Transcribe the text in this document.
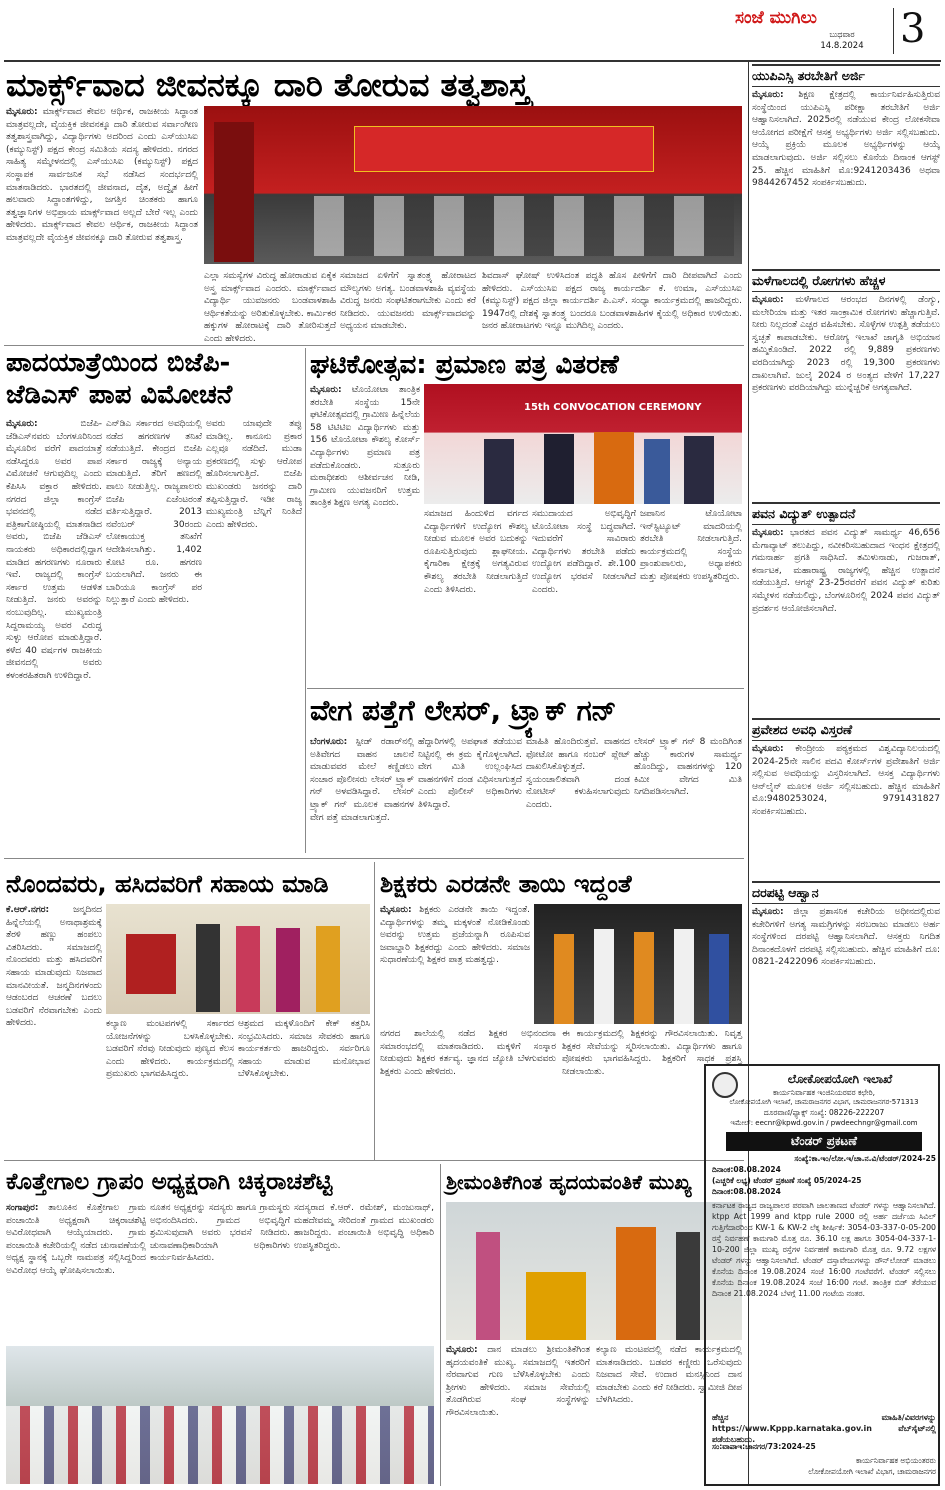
ಸಂಜೆ ಮುಗಿಲು
ಬುಧವಾರ
14.8.2024 3
ಮಾರ್ಕ್ಸ್‌ವಾದ ಜೀವನಕ್ಕೂ ದಾರಿ ತೋರುವ ತತ್ವಶಾಸ್ತ್ರ
ಮೈಸೂರು: ಮಾರ್ಕ್ಸ್‌ವಾದ ಕೇವಲ ಆರ್ಥಿಕ, ರಾಜಕೀಯ ಸಿದ್ಧಾಂತ ಮಾತ್ರವಲ್ಲದೇ, ವೈಯಕ್ತಿಕ ಜೀವನಕ್ಕೂ ದಾರಿ ತೋರುವ ಸರ್ವಾಂಗೀಣ ತತ್ವಶಾಸ್ತ್ರವಾಗಿದ್ದು, ವಿದ್ಯಾರ್ಥಿಗಳು ಅದರಿಂದ ಎಂದು ಎಸ್‌ಯುಸಿಐ (ಕಮ್ಯುನಿಸ್ಟ್) ಪಕ್ಷದ ಕೇಂದ್ರ ಸಮಿತಿಯ ಸದಸ್ಯ ಹೇಳಿದರು. ನಗರದ ಸಾಹಿತ್ಯ ಸಮ್ಮೇಳನದಲ್ಲಿ ಎಸ್‌ಯುಸಿಐ (ಕಮ್ಯುನಿಸ್ಟ್) ಪಕ್ಷದ ಸಂಸ್ಥಾಪಕ ಸಾರ್ವಜನಿಕ ಸಭೆ ನಡೆಸಿದ ಸಂದರ್ಭದಲ್ಲಿ ಮಾತನಾಡಿದರು. ಭಾರತದಲ್ಲಿ ಜೀವನಾದ, ದೈತ, ಅದ್ವೈತ ಹೀಗೆ ಹಲವಾರು ಸಿದ್ಧಾಂತಗಳಿದ್ದು, ಜಗತ್ತಿನ ಚಿಂತಕರು ಹಾಗೂ ತತ್ವಜ್ಞಾನಿಗಳ ಅಭಿಪ್ರಾಯ ಮಾರ್ಕ್ಸ್‌ವಾದ ಅಲ್ಲದೆ ಬೇರೆ ಇಲ್ಲ ಎಂದು ಹೇಳಿದರು. ಮಾರ್ಕ್ಸ್‌ವಾದ ಕೇವಲ ಆರ್ಥಿಕ, ರಾಜಕೀಯ ಸಿದ್ಧಾಂತ ಮಾತ್ರವಲ್ಲದೇ ವೈಯಕ್ತಿಕ ಜೀವನಕ್ಕೂ ದಾರಿ ತೋರುವ ತತ್ವಶಾಸ್ತ್ರ.
ಎಲ್ಲಾ ಸಮಸ್ಯೆಗಳ ವಿರುದ್ಧ ಹೋರಾಡುವ ಏಕೈಕ ಅಸ್ತ್ರ ಮಾರ್ಕ್ಸ್‌ವಾದ ಎಂದರು. ಮಾರ್ಕ್ಸ್‌ವಾದ ವಿದ್ಯಾರ್ಥಿ ಯುವಜನರು ಬಂಡವಾಳಶಾಹಿ ಆರ್ಥಿಕತೆಯನ್ನು ಅರಿತುಕೊಳ್ಳಬೇಕು. ಕಾರ್ಮಿಕರ ಹಕ್ಕುಗಳ ಹೋರಾಟಕ್ಕೆ ದಾರಿ ತೋರಿಸುತ್ತದೆ ಎಂದು ಹೇಳಿದರು.
ಸಮಾಜದ ಏಳಿಗೆಗೆ ಸ್ವಾತಂತ್ರ್ಯ ಹೋರಾಟದ ಮೌಲ್ಯಗಳು ಅಗತ್ಯ. ಬಂಡವಾಳಶಾಹಿ ವ್ಯವಸ್ಥೆಯ ವಿರುದ್ಧ ಜನರು ಸಂಘಟಿತರಾಗಬೇಕು ಎಂದು ಕರೆ ನೀಡಿದರು. ಯುವಜನರು ಮಾರ್ಕ್ಸ್‌ವಾದವನ್ನು ಅಧ್ಯಯನ ಮಾಡಬೇಕು.
ಶಿವದಾಸ್ ಘೋಷ್ ಉಳಿಸಿದಂತ ಪದ್ಧತಿ ಹೊಸ ಪೀಳಿಗೆಗೆ ದಾರಿ ದೀಪವಾಗಿದೆ ಎಂದು ಹೇಳಿದರು. ಎಸ್‌ಯುಸಿಐ ಪಕ್ಷದ ರಾಜ್ಯ ಕಾರ್ಯದರ್ಶಿ ಕೆ. ಉಮಾ, ಎಸ್‌ಯುಸಿಐ (ಕಮ್ಯುನಿಸ್ಟ್) ಪಕ್ಷದ ಜಿಲ್ಲಾ ಕಾರ್ಯದರ್ಶಿ ಪಿ.ಎಸ್. ಸಂಧ್ಯಾ ಕಾರ್ಯಕ್ರಮದಲ್ಲಿ ಹಾಜರಿದ್ದರು. 1947ರಲ್ಲಿ ದೇಶಕ್ಕೆ ಸ್ವಾತಂತ್ರ್ಯ ಬಂದರೂ ಬಂಡವಾಳಶಾಹಿಗಳ ಕೈಯಲ್ಲಿ ಅಧಿಕಾರ ಉಳಿಯಿತು. ಜನರ ಹೋರಾಟಗಳು ಇನ್ನೂ ಮುಗಿದಿಲ್ಲ ಎಂದರು.
ಪಾದಯಾತ್ರೆಯಿಂದ ಬಿಜೆಪಿ-
ಜೆಡಿಎಸ್ ಪಾಪ ವಿಮೋಚನೆ
ಮೈಸೂರು:	ಬಿಜೆಪಿ-ಜೆಡಿಎಸ್‌ನವರು ಬೆಂಗಳೂರಿನಿಂದ ಮೈಸೂರಿನ ವರೆಗೆ ಪಾದಯಾತ್ರೆ ನಡೆಸಿದ್ದರೂ ಅವರ ಪಾಪ ವಿಮೋಚನೆ ಆಗುವುದಿಲ್ಲ ಎಂದು ಕೆಪಿಸಿಸಿ ವಕ್ತಾರ ಹೇಳಿದರು. ನಗರದ ಜಿಲ್ಲಾ ಕಾಂಗ್ರೆಸ್ ಭವನದಲ್ಲಿ ನಡೆದ ಪತ್ರಿಕಾಗೋಷ್ಠಿಯಲ್ಲಿ ಮಾತನಾಡಿದ ಅವರು, ಬಿಜೆಪಿ ಜೆಡಿಎಸ್ ನಾಯಕರು ಅಧಿಕಾರದಲ್ಲಿದ್ದಾಗ ಮಾಡಿದ ಹಗರಣಗಳು ನೂರಾರು ಇವೆ. ರಾಜ್ಯದಲ್ಲಿ ಕಾಂಗ್ರೆಸ್ ಸರ್ಕಾರ ಉತ್ತಮ ಆಡಳಿತ ನೀಡುತ್ತಿದೆ. ಜನರು ಅವರನ್ನು ನಂಬುವುದಿಲ್ಲ. ಮುಖ್ಯಮಂತ್ರಿ ಸಿದ್ದರಾಮಯ್ಯ ಅವರ ವಿರುದ್ಧ ಸುಳ್ಳು ಆರೋಪ ಮಾಡುತ್ತಿದ್ದಾರೆ. ಕಳೆದ 40 ವರ್ಷಗಳ ರಾಜಕೀಯ ಜೀವನದಲ್ಲಿ ಅವರು ಕಳಂಕರಹಿತರಾಗಿ ಉಳಿದಿದ್ದಾರೆ.
ಎನ್‌ಡಿಎ ಸರ್ಕಾರದ ಅವಧಿಯಲ್ಲಿ ನಡೆದ ಹಗರಣಗಳ ತನಿಖೆ ನಡೆಯುತ್ತಿದೆ. ಕೇಂದ್ರದ ಬಿಜೆಪಿ ಸರ್ಕಾರ ರಾಜ್ಯಕ್ಕೆ ಅನ್ಯಾಯ ಮಾಡುತ್ತಿದೆ. ತೆರಿಗೆ ಹಣದಲ್ಲಿ ಪಾಲು ನೀಡುತ್ತಿಲ್ಲ. ರಾಜ್ಯಪಾಲರು ಬಿಜೆಪಿ ಏಜೆಂಟರಂತೆ ವರ್ತಿಸುತ್ತಿದ್ದಾರೆ. 2013 ನವೆಂಬರ್ 30ರಂದು ಲೋಕಾಯುಕ್ತ ತನಿಖೆಗೆ ಆದೇಶಿಸಲಾಗಿತ್ತು. 1,402 ಕೋಟಿ ರೂ. ಹಗರಣ ಬಯಲಾಗಿದೆ. ಜನರು ಈ ಬಾರಿಯೂ ಕಾಂಗ್ರೆಸ್ ಪರ ನಿಲ್ಲುತ್ತಾರೆ ಎಂದು ಹೇಳಿದರು.
ಅವರು ಯಾವುದೇ ತಪ್ಪು ಮಾಡಿಲ್ಲ. ಕಾನೂನು ಪ್ರಕಾರ ಎಲ್ಲವೂ ನಡೆದಿದೆ. ಮುಡಾ ಪ್ರಕರಣದಲ್ಲಿ ಸುಳ್ಳು ಆರೋಪ ಹೊರಿಸಲಾಗುತ್ತಿದೆ. ಬಿಜೆಪಿ ಮುಖಂಡರು ಜನರನ್ನು ದಾರಿ ತಪ್ಪಿಸುತ್ತಿದ್ದಾರೆ. ಇಡೀ ರಾಜ್ಯ ಮುಖ್ಯಮಂತ್ರಿ ಬೆನ್ನಿಗೆ ನಿಂತಿದೆ ಎಂದು ಹೇಳಿದರು.
ಘಟಿಕೋತ್ಸವ: ಪ್ರಮಾಣ ಪತ್ರ ವಿತರಣೆ
ಮೈಸೂರು: ಟೊಯೋಟಾ ತಾಂತ್ರಿಕ ತರಬೇತಿ ಸಂಸ್ಥೆಯ 15ನೇ ಘಟಿಕೋತ್ಸವದಲ್ಲಿ ಗ್ರಾಮೀಣ ಹಿನ್ನೆಲೆಯ 58 ಟಿಟಿಟಿಐ ವಿದ್ಯಾರ್ಥಿಗಳು ಮತ್ತು 156 ಟೊಯೋಟಾ ಕೌಶಲ್ಯ ಕೋರ್ಸ್ ವಿದ್ಯಾರ್ಥಿಗಳು ಪ್ರಮಾಣ ಪತ್ರ ಪಡೆದುಕೊಂಡರು. ಸುತ್ತೂರು ಮಠಾಧೀಶರು ಆಶೀರ್ವಚನ ನೀಡಿ, ಗ್ರಾಮೀಣ ಯುವಜನರಿಗೆ ಉತ್ತಮ ತಾಂತ್ರಿಕ ಶಿಕ್ಷಣ ಅಗತ್ಯ ಎಂದರು.
15th CONVOCATION CEREMONY
ಸಮಾಜದ ಹಿಂದುಳಿದ ವರ್ಗದ ವಿದ್ಯಾರ್ಥಿಗಳಿಗೆ ಉದ್ಯೋಗ ಕೌಶಲ್ಯ ನೀಡುವ ಮೂಲಕ ಅವರ ಬದುಕನ್ನು ರೂಪಿಸುತ್ತಿರುವುದು ಶ್ಲಾಘನೀಯ. ಕೈಗಾರಿಕಾ ಕ್ಷೇತ್ರಕ್ಕೆ ಅಗತ್ಯವಿರುವ ಕೌಶಲ್ಯ ತರಬೇತಿ ನೀಡಲಾಗುತ್ತಿದೆ ಎಂದು ತಿಳಿಸಿದರು.
ಸಮುದಾಯದ ಅಭಿವೃದ್ಧಿಗೆ ಟೊಯೋಟಾ ಸಂಸ್ಥೆ ಬದ್ಧವಾಗಿದೆ. ಇದುವರೆಗೆ ಸಾವಿರಾರು ವಿದ್ಯಾರ್ಥಿಗಳು ತರಬೇತಿ ಪಡೆದು ಉದ್ಯೋಗ ಪಡೆದಿದ್ದಾರೆ. ಶೇ.100 ಉದ್ಯೋಗ ಭರವಸೆ ನೀಡಲಾಗಿದೆ ಎಂದರು.
ಜಪಾನಿನ ಟೊಯೋಟಾ ಇನ್‌ಸ್ಟಿಟ್ಯೂಟ್ ಮಾದರಿಯಲ್ಲಿ ತರಬೇತಿ ನೀಡಲಾಗುತ್ತಿದೆ. ಕಾರ್ಯಕ್ರಮದಲ್ಲಿ ಸಂಸ್ಥೆಯ ಪ್ರಾಂಶುಪಾಲರು, ಅಧ್ಯಾಪಕರು ಮತ್ತು ಪೋಷಕರು ಉಪಸ್ಥಿತರಿದ್ದರು.
ವೇಗ ಪತ್ತೆಗೆ ಲೇಸರ್, ಟ್ರ್ಯಾಕ್ ಗನ್
ಬೆಂಗಳೂರು: ಸ್ಪೀಡ್ ರಡಾರ್‌ನಲ್ಲಿ ಅತಿವೇಗದ ವಾಹನ ಚಾಲನೆ ಮಾಡುವವರ ಮೇಲೆ ಕಣ್ಣಿಡಲು ಸಂಚಾರ ಪೊಲೀಸರು ಲೇಸರ್ ಟ್ರ್ಯಾಕ್ ಗನ್ ಅಳವಡಿಸಿದ್ದಾರೆ. ಲೇಸರ್ ಟ್ರ್ಯಾಕ್ ಗನ್ ಮೂಲಕ ವಾಹನಗಳ ವೇಗ ಪತ್ತೆ ಮಾಡಲಾಗುತ್ತದೆ.
ಹೆದ್ದಾರಿಗಳಲ್ಲಿ ಅಪಘಾತ ತಡೆಯುವ ನಿಟ್ಟಿನಲ್ಲಿ ಈ ಕ್ರಮ ಕೈಗೊಳ್ಳಲಾಗಿದೆ. ವೇಗ ಮಿತಿ ಉಲ್ಲಂಘಿಸಿದ ವಾಹನಗಳಿಗೆ ದಂಡ ವಿಧಿಸಲಾಗುತ್ತದೆ ಎಂದು ಪೊಲೀಸ್ ಅಧಿಕಾರಿಗಳು ತಿಳಿಸಿದ್ದಾರೆ.
ಮಾಹಿತಿ ಹೊಂದಿರುತ್ತವೆ. ವಾಹನದ ಫೋಟೋ ಹಾಗೂ ನಂಬರ್ ಪ್ಲೇಟ್ ದಾಖಲಿಸಿಕೊಳ್ಳುತ್ತದೆ. ಸ್ವಯಂಚಾಲಿತವಾಗಿ ದಂಡ ನೋಟೀಸ್ ಕಳುಹಿಸಲಾಗುವುದು ಎಂದರು.
ಲೇಸರ್ ಟ್ರ್ಯಾಕ್ ಗನ್ 8 ಮಂದಿಗಿಂತ ಹೆಚ್ಚು ಕಾರುಗಳ ಸಾಮರ್ಥ್ಯ ಹೊಂದಿದ್ದು, ವಾಹನಗಳನ್ನು 120 ಕಿಮೀ ವೇಗದ ಮಿತಿ ನಿಗದಿಪಡಿಸಲಾಗಿದೆ.
ನೊಂದವರು, ಹಸಿದವರಿಗೆ ಸಹಾಯ ಮಾಡಿ
ಕೆ.ಆರ್.ನಗರ:	ಜನ್ಮದಿನದ ಹಿನ್ನೆಲೆಯಲ್ಲಿ ಅನಾಥಾಶ್ರಮಕ್ಕೆ ತೆರಳಿ ಹಣ್ಣು ಹಂಪಲು ವಿತರಿಸಿದರು. ಸಮಾಜದಲ್ಲಿ ನೊಂದವರು ಮತ್ತು ಹಸಿದವರಿಗೆ ಸಹಾಯ ಮಾಡುವುದು ನಿಜವಾದ ಮಾನವೀಯತೆ. ಜನ್ಮದಿನಗಳಂದು ಆಡಂಬರದ ಆಚರಣೆ ಬದಲು ಬಡವರಿಗೆ ನೆರವಾಗಬೇಕು ಎಂದು ಹೇಳಿದರು.	ಕಲ್ಯಾಣ ಮಂಟಪಗಳಲ್ಲಿ ಸರ್ಕಾರದ ಯೋಜನೆಗಳನ್ನು ಬಳಸಿಕೊಳ್ಳಬೇಕು. ಬಡವರಿಗೆ ನೆರವು ನೀಡುವುದು ಪುಣ್ಯದ ಕೆಲಸ ಎಂದು ಹೇಳಿದರು. ಕಾರ್ಯಕ್ರಮದಲ್ಲಿ ಪ್ರಮುಖರು ಭಾಗವಹಿಸಿದ್ದರು.
ಆಶ್ರಮದ ಮಕ್ಕಳೊಂದಿಗೆ ಕೇಕ್ ಕತ್ತರಿಸಿ ಸಂಭ್ರಮಿಸಿದರು. ಸಮಾಜ ಸೇವಕರು ಹಾಗೂ ಕಾರ್ಯಕರ್ತರು ಹಾಜರಿದ್ದರು. ಸರ್ವರಿಗೂ ಸಹಾಯ ಮಾಡುವ ಮನೋಭಾವ ಬೆಳೆಸಿಕೊಳ್ಳಬೇಕು.
ಶಿಕ್ಷಕರು ಎರಡನೇ ತಾಯಿ ಇದ್ದಂತೆ
ಮೈಸೂರು: ಶಿಕ್ಷಕರು ಎರಡನೇ ತಾಯಿ ಇದ್ದಂತೆ. ವಿದ್ಯಾರ್ಥಿಗಳನ್ನು ತಮ್ಮ ಮಕ್ಕಳಂತೆ ನೋಡಿಕೊಂಡು ಅವರನ್ನು ಉತ್ತಮ ಪ್ರಜೆಯನ್ನಾಗಿ ರೂಪಿಸುವ ಜವಾಬ್ದಾರಿ ಶಿಕ್ಷಕರದ್ದು ಎಂದು ಹೇಳಿದರು. ಸಮಾಜ ಸುಧಾರಣೆಯಲ್ಲಿ ಶಿಕ್ಷಕರ ಪಾತ್ರ ಮಹತ್ವದ್ದು.
ನಗರದ ಶಾಲೆಯಲ್ಲಿ ನಡೆದ ಶಿಕ್ಷಕರ ಅಭಿನಂದನಾ ಸಮಾರಂಭದಲ್ಲಿ ಮಾತನಾಡಿದರು. ಮಕ್ಕಳಿಗೆ ಸಂಸ್ಕಾರ ನೀಡುವುದು ಶಿಕ್ಷಕರ ಕರ್ತವ್ಯ. ಜ್ಞಾನದ ಜ್ಯೋತಿ ಬೆಳಗುವವರು ಶಿಕ್ಷಕರು ಎಂದು ಹೇಳಿದರು.
ಈ ಕಾರ್ಯಕ್ರಮದಲ್ಲಿ ಶಿಕ್ಷಕರನ್ನು ಗೌರವಿಸಲಾಯಿತು. ನಿವೃತ್ತ ಶಿಕ್ಷಕರ ಸೇವೆಯನ್ನು ಸ್ಮರಿಸಲಾಯಿತು. ವಿದ್ಯಾರ್ಥಿಗಳು ಹಾಗೂ ಪೋಷಕರು ಭಾಗವಹಿಸಿದ್ದರು. ಶಿಕ್ಷಕರಿಗೆ ಸಾಧಕ ಪ್ರಶಸ್ತಿ ನೀಡಲಾಯಿತು.
ಕೊತ್ತೇಗಾಲ ಗ್ರಾಪಂ ಅಧ್ಯಕ್ಷರಾಗಿ ಚಿಕ್ಕರಾಚಶೆಟ್ಟಿ
ಸಂಗಾಪುರ: ತಾಲೂಕಿನ ಕೊತ್ತೇಗಾಲ ಗ್ರಾಮ ಪಂಚಾಯಿತಿ ಅಧ್ಯಕ್ಷರಾಗಿ ಚಿಕ್ಕರಾಚಶೆಟ್ಟಿ ಅವಿರೋಧವಾಗಿ ಆಯ್ಕೆಯಾದರು. ಗ್ರಾಮ ಪಂಚಾಯಿತಿ ಕಚೇರಿಯಲ್ಲಿ ನಡೆದ ಚುನಾವಣೆಯಲ್ಲಿ ಅಧ್ಯಕ್ಷ ಸ್ಥಾನಕ್ಕೆ ಒಬ್ಬರೇ ನಾಮಪತ್ರ ಸಲ್ಲಿಸಿದ್ದರಿಂದ ಅವಿರೋಧ ಆಯ್ಕೆ ಘೋಷಿಸಲಾಯಿತು.
ನೂತನ ಅಧ್ಯಕ್ಷರನ್ನು ಸದಸ್ಯರು ಹಾಗೂ ಗ್ರಾಮಸ್ಥರು ಅಭಿನಂದಿಸಿದರು. ಗ್ರಾಮದ ಅಭಿವೃದ್ಧಿಗೆ ಶ್ರಮಿಸುವುದಾಗಿ ಅವರು ಭರವಸೆ ನೀಡಿದರು. ಚುನಾವಣಾಧಿಕಾರಿಯಾಗಿ ಅಧಿಕಾರಿಗಳು ಕಾರ್ಯನಿರ್ವಹಿಸಿದರು.
ಸದಸ್ಯರಾದ ಕೆ.ಆರ್. ರಮೇಶ್, ಮಂಜುನಾಥ್, ಮಹದೇವಮ್ಮ ಸೇರಿದಂತೆ ಗ್ರಾಮದ ಮುಖಂಡರು ಹಾಜರಿದ್ದರು. ಪಂಚಾಯಿತಿ ಅಭಿವೃದ್ಧಿ ಅಧಿಕಾರಿ ಉಪಸ್ಥಿತರಿದ್ದರು.
ಶ್ರೀಮಂತಿಕೆಗಿಂತ ಹೃದಯವಂತಿಕೆ ಮುಖ್ಯ
ಮೈಸೂರು: ದಾನ ಮಾಡಲು ಶ್ರೀಮಂತಿಕೆಗಿಂತ ಹೃದಯವಂತಿಕೆ ಮುಖ್ಯ. ಸಮಾಜದಲ್ಲಿ ಇತರರಿಗೆ ನೆರವಾಗುವ ಗುಣ ಬೆಳೆಸಿಕೊಳ್ಳಬೇಕು ಎಂದು ಶ್ರೀಗಳು ಹೇಳಿದರು. ಸಮಾಜ ಸೇವೆಯಲ್ಲಿ ತೊಡಗಿರುವ ಸಂಘ ಸಂಸ್ಥೆಗಳನ್ನು ಗೌರವಿಸಲಾಯಿತು.
ಕಲ್ಯಾಣ ಮಂಟಪದಲ್ಲಿ ನಡೆದ ಕಾರ್ಯಕ್ರಮದಲ್ಲಿ ಮಾತನಾಡಿದರು. ಬಡವರ ಕಣ್ಣೀರು ಒರೆಸುವುದು ನಿಜವಾದ ಸೇವೆ. ಉದಾರ ಮನಸ್ಸಿನಿಂದ ದಾನ ಮಾಡಬೇಕು ಎಂದು ಕರೆ ನೀಡಿದರು. ಸ್ವಾಮೀಜಿ ದೀಪ ಬೆಳಗಿಸಿದರು.
ಯುಪಿಎಸ್ಸಿ ತರಬೇತಿಗೆ ಅರ್ಜಿ
ಮೈಸೂರು: ಶಿಕ್ಷಣ ಕ್ಷೇತ್ರದಲ್ಲಿ ಕಾರ್ಯನಿರ್ವಹಿಸುತ್ತಿರುವ ಸಂಸ್ಥೆಯಿಂದ ಯುಪಿಎಸ್ಸಿ ಪರೀಕ್ಷಾ ತರಬೇತಿಗೆ ಅರ್ಜಿ ಆಹ್ವಾನಿಸಲಾಗಿದೆ. 2025ರಲ್ಲಿ ನಡೆಯುವ ಕೇಂದ್ರ ಲೋಕಸೇವಾ ಆಯೋಗದ ಪರೀಕ್ಷೆಗೆ ಆಸಕ್ತ ಅಭ್ಯರ್ಥಿಗಳು ಅರ್ಜಿ ಸಲ್ಲಿಸಬಹುದು. ಆಯ್ಕೆ ಪ್ರಕ್ರಿಯೆ ಮೂಲಕ ಅಭ್ಯರ್ಥಿಗಳನ್ನು ಆಯ್ಕೆ ಮಾಡಲಾಗುವುದು. ಅರ್ಜಿ ಸಲ್ಲಿಸಲು ಕೊನೆಯ ದಿನಾಂಕ ಆಗಸ್ಟ್ 25. ಹೆಚ್ಚಿನ ಮಾಹಿತಿಗೆ ಮೊ:9241203436 ಅಥವಾ 9844267452 ಸಂಪರ್ಕಿಸಬಹುದು.
ಮಳೆಗಾಲದಲ್ಲಿ ರೋಗಗಳು ಹೆಚ್ಚಳ
ಮೈಸೂರು: ಮಳೆಗಾಲದ ಆರಂಭದ ದಿನಗಳಲ್ಲಿ ಡೆಂಗ್ಯು, ಮಲೇರಿಯಾ ಮತ್ತು ಇತರ ಸಾಂಕ್ರಾಮಿಕ ರೋಗಗಳು ಹೆಚ್ಚಾಗುತ್ತಿವೆ. ನೀರು ನಿಲ್ಲದಂತೆ ಎಚ್ಚರ ವಹಿಸಬೇಕು. ಸೊಳ್ಳೆಗಳ ಉತ್ಪತ್ತಿ ತಡೆಯಲು ಸ್ವಚ್ಛತೆ ಕಾಪಾಡಬೇಕು. ಆರೋಗ್ಯ ಇಲಾಖೆ ಜಾಗೃತಿ ಅಭಿಯಾನ ಹಮ್ಮಿಕೊಂಡಿದೆ. 2022 ರಲ್ಲಿ 9,889 ಪ್ರಕರಣಗಳು ವರದಿಯಾಗಿದ್ದು 2023 ರಲ್ಲಿ 19,300 ಪ್ರಕರಣಗಳು ದಾಖಲಾಗಿವೆ. ಜುಲೈ 2024 ರ ಅಂತ್ಯದ ವೇಳೆಗೆ 17,227 ಪ್ರಕರಣಗಳು ವರದಿಯಾಗಿದ್ದು ಮುನ್ನೆಚ್ಚರಿಕೆ ಅಗತ್ಯವಾಗಿದೆ.
ಪವನ ವಿದ್ಯುತ್ ಉತ್ಪಾದನೆ
ಮೈಸೂರು: ಭಾರತದ ಪವನ ವಿದ್ಯುತ್ ಸಾಮರ್ಥ್ಯ 46,656 ಮೆಗಾವ್ಯಾಟ್ ತಲುಪಿದ್ದು, ನವೀಕರಿಸಬಹುದಾದ ಇಂಧನ ಕ್ಷೇತ್ರದಲ್ಲಿ ಗಮನಾರ್ಹ ಪ್ರಗತಿ ಸಾಧಿಸಿದೆ. ತಮಿಳುನಾಡು, ಗುಜರಾತ್, ಕರ್ನಾಟಕ, ಮಹಾರಾಷ್ಟ್ರ ರಾಜ್ಯಗಳಲ್ಲಿ ಹೆಚ್ಚಿನ ಉತ್ಪಾದನೆ ನಡೆಯುತ್ತಿದೆ. ಆಗಸ್ಟ್ 23-25ರವರೆಗೆ ಪವನ ವಿದ್ಯುತ್ ಕುರಿತು ಸಮ್ಮೇಳನ ನಡೆಯಲಿದ್ದು, ಬೆಂಗಳೂರಿನಲ್ಲಿ 2024 ಪವನ ವಿದ್ಯುತ್ ಪ್ರದರ್ಶನ ಆಯೋಜಿಸಲಾಗಿದೆ.
ಪ್ರವೇಶದ ಅವಧಿ ವಿಸ್ತರಣೆ
ಮೈಸೂರು: ಕೇಂದ್ರೀಯ ಪಠ್ಯಕ್ರಮದ ವಿಶ್ವವಿದ್ಯಾನಿಲಯದಲ್ಲಿ 2024-25ನೇ ಸಾಲಿನ ಪದವಿ ಕೋರ್ಸ್‌ಗಳ ಪ್ರವೇಶಾತಿಗೆ ಅರ್ಜಿ ಸಲ್ಲಿಸುವ ಅವಧಿಯನ್ನು ವಿಸ್ತರಿಸಲಾಗಿದೆ. ಆಸಕ್ತ ವಿದ್ಯಾರ್ಥಿಗಳು ಆನ್‌ಲೈನ್ ಮೂಲಕ ಅರ್ಜಿ ಸಲ್ಲಿಸಬಹುದು. ಹೆಚ್ಚಿನ ಮಾಹಿತಿಗೆ ಮೊ:9480253024, 9791431827 ಸಂಪರ್ಕಿಸಬಹುದು.
ದರಪಟ್ಟಿ ಆಹ್ವಾನ
ಮೈಸೂರು: ಜಿಲ್ಲಾ ಪ್ರಶಾಸನಿಕ ಕಚೇರಿಯ ಅಧೀನದಲ್ಲಿರುವ ಕಚೇರಿಗಳಿಗೆ ಅಗತ್ಯ ಸಾಮಗ್ರಿಗಳನ್ನು ಸರಬರಾಜು ಮಾಡಲು ಅರ್ಹ ಸಂಸ್ಥೆಗಳಿಂದ ದರಪಟ್ಟಿ ಆಹ್ವಾನಿಸಲಾಗಿದೆ. ಆಸಕ್ತರು ನಿಗದಿತ ದಿನಾಂಕದೊಳಗೆ ದರಪಟ್ಟಿ ಸಲ್ಲಿಸಬಹುದು. ಹೆಚ್ಚಿನ ಮಾಹಿತಿಗೆ ದೂ: 0821-2422096 ಸಂಪರ್ಕಿಸಬಹುದು.
ಲೋಕೋಪಯೋಗಿ ಇಲಾಖೆ
ಕಾರ್ಯನಿರ್ವಾಹಕ ಇಂಜಿನಿಯರವರ ಕಛೇರಿ,
ಲೋಕೋಪಯೋಗಿ ಇಲಾಖೆ, ಚಾಮರಾಜನಗರ ವಿಭಾಗ, ಚಾಮರಾಜನಗರ-571313
ದೂರವಾಣಿ/ಫ್ಯಾಕ್ಸ್ ಸಂಖ್ಯೆ: 08226-222207
ಇಮೇಲ್: eecnr@kpwd.gov.in / pwdeechngr@gmail.com
ಟೆಂಡರ್ ಪ್ರಕಟಣೆ
ಸಂಖ್ಯೆ:ಕಾ.ಇಂ/ಲೋ.ಇ/ಚಾ.ನ.ವಿ/ಟೆಂಡರ್/2024-25
ದಿನಾಂಕ:08.08.2024
(ಎಚ್ಚರಿಕೆ ಲಭ್ಯ) ಟೆಂಡರ್ ಪ್ರಕಟಣೆ ಸಂಖ್ಯೆ 05/2024-25
ದಿನಾಂಕ:08.08.2024
ಕರ್ನಾಟಕ ರಾಜ್ಯದ ರಾಜ್ಯಪಾಲರ ಪರವಾಗಿ ಜಾಲತಾಣದ ಟೆಂಡರ್ ಗಳನ್ನು ಆಹ್ವಾನಿಸಲಾಗಿದೆ. ktpp Act 1999 and ktpp rule 2000 ರಲ್ಲಿ ಅರ್ಹ ದರ್ಜೆಯ ಸಿವಿಲ್ ಗುತ್ತಿಗೆದಾರರಿಂದ KW-1 & KW-2 ಲೆಕ್ಕ ಶೀರ್ಷಿಕೆ: 3054-03-337-0-05-200 ರಸ್ತೆ ನಿರ್ವಹಣೆ ಕಾಮಗಾರಿ ಮೊತ್ತ ರೂ. 36.10 ಲಕ್ಷ ಹಾಗೂ 3054-04-337-1-10-200 ಜಿಲ್ಲಾ ಮುಖ್ಯ ರಸ್ತೆಗಳ ನಿರ್ವಹಣೆ ಕಾಮಗಾರಿ ಮೊತ್ತ ರೂ. 9.72 ಲಕ್ಷಗಳ ಟೆಂಡರ್ ಗಳನ್ನು ಆಹ್ವಾನಿಸಲಾಗಿದೆ. ಟೆಂಡರ್ ದಸ್ತಾವೇಜುಗಳನ್ನು ಡೌನ್‌ಲೋಡ್ ಮಾಡಲು ಕೊನೆಯ ದಿನಾಂಕ 19.08.2024 ಸಂಜೆ 16:00 ಗಂಟೆವರೆಗೆ. ಟೆಂಡರ್ ಸಲ್ಲಿಸಲು ಕೊನೆಯ ದಿನಾಂಕ 19.08.2024 ಸಂಜೆ 16:00 ಗಂಟೆ. ತಾಂತ್ರಿಕ ಬಿಡ್ ತೆರೆಯುವ ದಿನಾಂಕ 21.08.2024 ಬೆಳಗ್ಗೆ 11.00 ಗಂಟೆಯ ನಂತರ.
ಹೆಚ್ಚಿನ ಮಾಹಿತಿ/ವಿವರಗಳನ್ನು https://www.Kppp.karnataka.gov.in ವೆಬ್‌ಸೈಟ್‌ನಲ್ಲಿ ಪಡೆಯಬಹುದು.
ಸಂ:ವಾಪಾಇ:ಚಾನಗರ/73:2024-25
ಕಾರ್ಯನಿರ್ವಾಹಕ ಅಭಿಯಂತರರು
ಲೋಕೋಪಯೋಗಿ ಇಲಾಖೆ ವಿಭಾಗ, ಚಾಮರಾಜನಗರ
